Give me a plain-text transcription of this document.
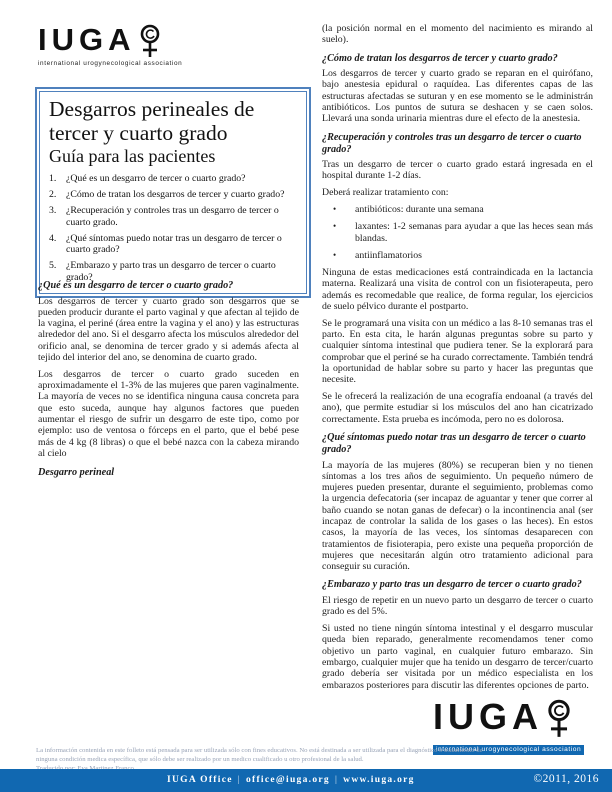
IUGA
international urogynecological association
Desgarros perineales de tercer y cuarto grado
Guía para las pacientes
1. ¿Qué es un desgarro de tercer o cuarto grado?
2. ¿Cómo de tratan los desgarros de tercer y cuarto grado?
3. ¿Recuperación y controles tras un desgarro de tercer o cuarto grado.
4. ¿Qué síntomas puedo notar tras un desgarro de tercer o cuarto grado?
5. ¿Embarazo y parto tras un desgarro de tercer o cuarto grado?
¿Qué es un desgarro de tercer o cuarto grado?

Los desgarros de tercer y cuarto grado son desgarros que se pueden producir durante el parto vaginal y que afectan al tejido de la vagina, el periné (área entre la vagina y el ano) y las estructuras alrededor del ano. Si el desgarro afecta los músculos alrededor del orificio anal, se denomina de tercer grado y si además afecta al tejido del interior del ano, se denomina de cuarto grado.

Los desgarros de tercer o cuarto grado suceden en aproximadamente el 1-3% de las mujeres que paren vaginalmente. La mayoría de veces no se identifica ninguna causa concreta para que esto suceda, aunque hay algunos factores que pueden aumentar el riesgo de sufrir un desgarro de este tipo, como por ejemplo: uso de ventosa o fórceps en el parto, que el bebé pese más de 4 kg (8 libras) o que el bebé nazca con la cabeza mirando al cielo

Desgarro perineal

(la posición normal en el momento del nacimiento es mirando al suelo).

¿Cómo de tratan los desgarros de tercer y cuarto grado?

Los desgarros de tercer y cuarto grado se reparan en el quirófano, bajo anestesia epidural o raquídea. Las diferentes capas de las estructuras afectadas se suturan y en ese momento se le administrán antibióticos. Los puntos de sutura se deshacen y se caen solos. Llevará una sonda urinaria mientras dure el efecto de la anestesia.

¿Recuperación y controles tras un desgarro de tercer o cuarto grado?

Tras un desgarro de tercer o cuarto grado estará ingresada en el hospital durante 1-2 días.

Deberá realizar tratamiento con:

•	antibióticos: durante una semana
•	laxantes: 1-2 semanas para ayudar a que las heces sean más blandas.
•	antiinflamatorios

Ninguna de estas medicaciones está contraindicada en la lactancia materna. Realizará una visita de control con un fisioterapeuta, pero además es recomedable que realice, de forma regular, los ejercicios de suelo pélvico durante el postparto.

Se le programará una visita con un médico a las 8-10 semanas tras el parto. En esta cita, le harán algunas preguntas sobre su parto y cualquier síntoma intestinal que pudiera tener. Se la explorará para comprobar que el periné se ha curado correctamente. También tendrá la oportunidad de hablar sobre su parto y hacer las preguntas que necesite.

Se le ofrecerá la realización de una ecografía endoanal (a través del ano), que permite estudiar si los músculos del ano han cicatrizado correctamente. Esta prueba es incómoda, pero no es dolorosa.

¿Qué síntomas puedo notar tras un desgarro de tercer o cuarto grado?

La mayoría de las mujeres (80%) se recuperan bien y no tienen síntomas a los tres años de seguimiento. Un pequeño número de mujeres pueden presentar, durante el seguimiento, problemas como la urgencia defecatoria (ser incapaz de aguantar y tener que correr al baño cuando se notan ganas de defecar) o la incontinencia anal (ser incapaz de controlar la salida de los gases o las heces). En estos casos, la mayoría de las veces, los síntomas desaparecen con tratamientos de fisioterapia, pero existe una pequeña proporción de mujeres que necesitarán algún otro tratamiento adicional para conseguir su curación.

¿Embarazo y parto tras un desgarro de tercer o cuarto grado?

El riesgo de repetir en un nuevo parto un desgarro de tercer o cuarto grado es del 5%.

Si usted no tiene ningún síntoma intestinal y el desgarro muscular queda bien reparado, generalmente recomendamos tener como objetivo un parto vaginal, en cualquier futuro embarazo. Sin embargo, cualquier mujer que ha tenido un desgarro de tercer/cuarto grado debería ser visitada por un médico especialista en los embarazos posteriores para discutir las diferentes opciones de parto.

IUGA
international urogynecological association
La información contenida en este folleto está pensada para ser utilizada sólo con fines educativos. No está destinada a ser utilizada para el diagnóstico o tratamiento de
ninguna condición medica específica, que sólo debe ser realizado por un medico cualificado u otro profesional de la salud.
IUGA Office | office@iuga.org | www.iuga.org	©2011, 2016
